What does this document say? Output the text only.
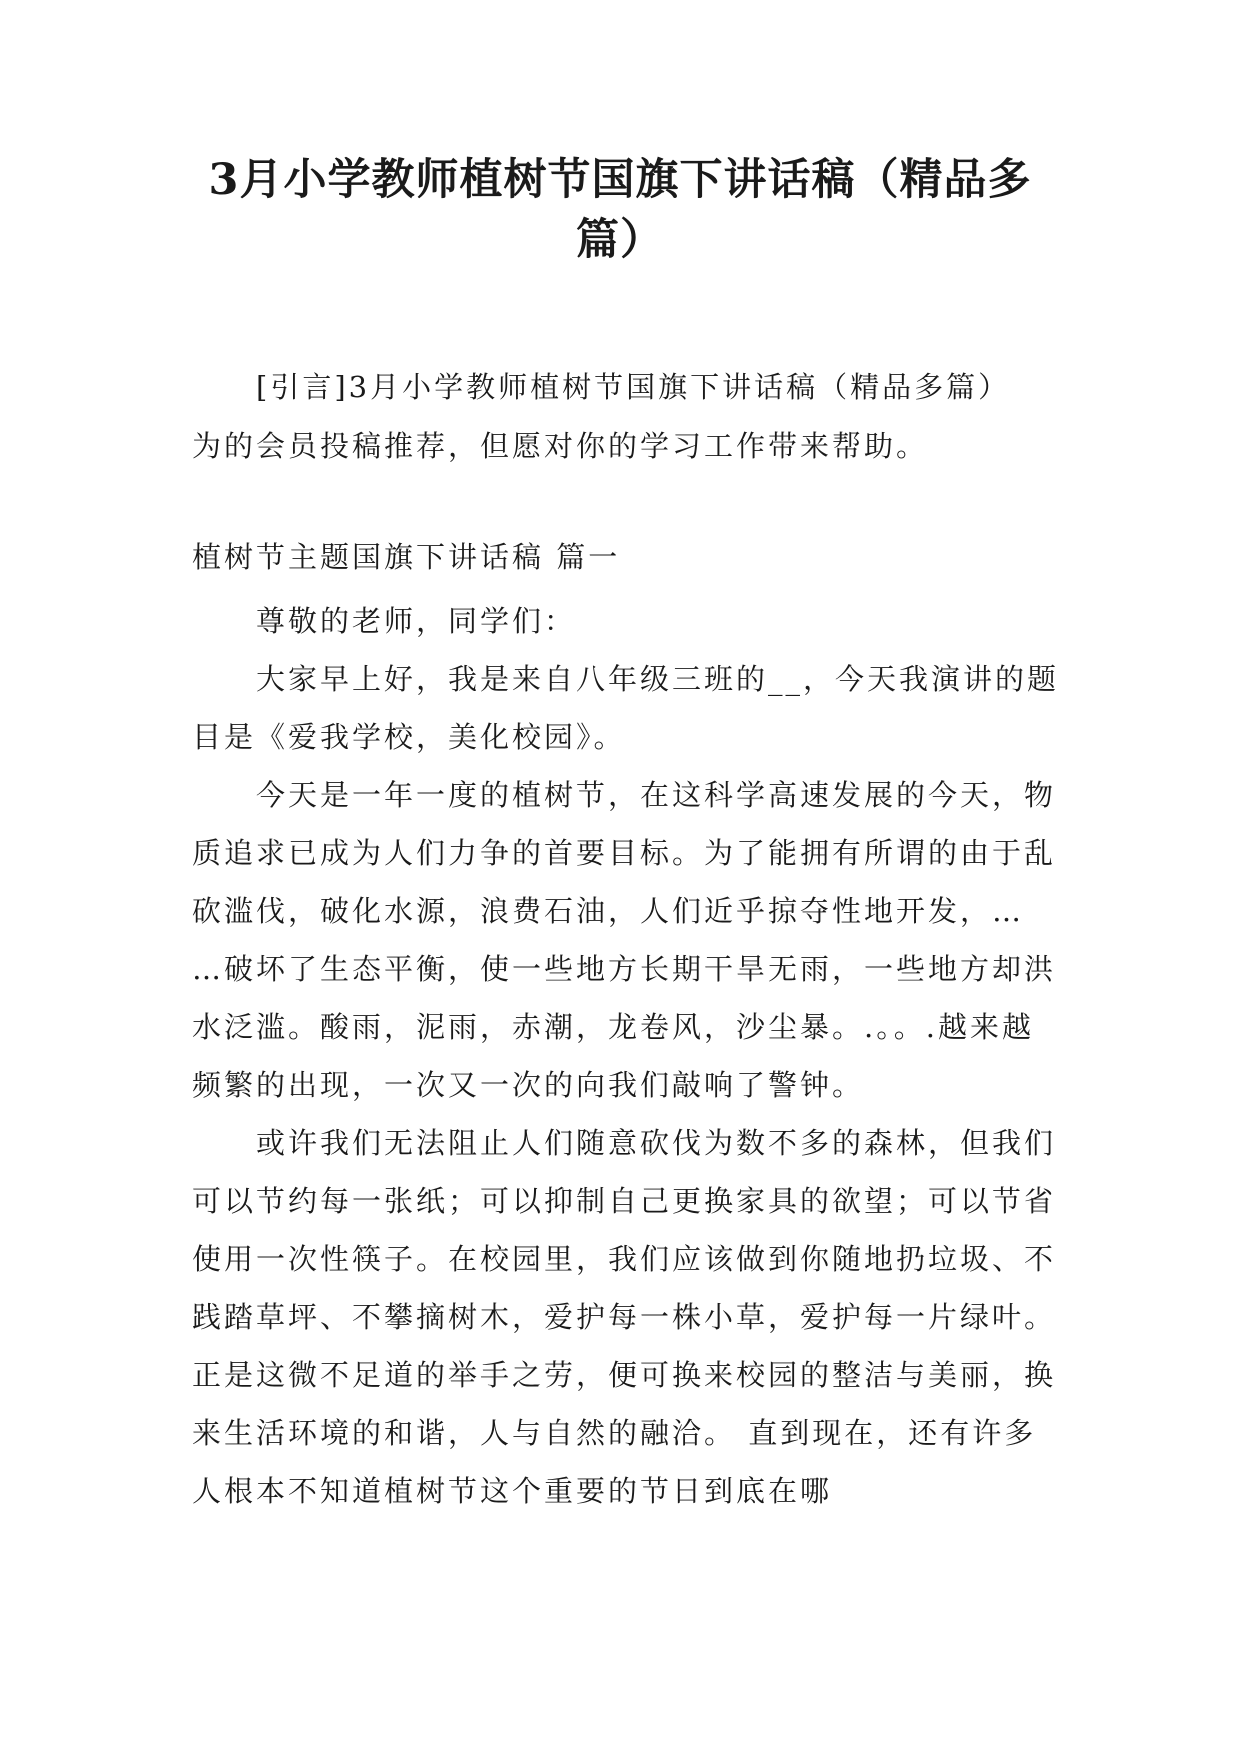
3月小学教师植树节国旗下讲话稿（精品多
篇）
[引言]3月小学教师植树节国旗下讲话稿（精品多篇）
为的会员投稿推荐，但愿对你的学习工作带来帮助。
植树节主题国旗下讲话稿 篇一

尊敬的老师，同学们：

大家早上好，我是来自八年级三班的__，今天我演讲的题目是《爱我学校，美化校园》。

今天是一年一度的植树节，在这科学高速发展的今天，物质追求已成为人们力争的首要目标。为了能拥有所谓的由于乱砍滥伐，破化水源，浪费石油，人们近乎掠夺性地开发，… …破坏了生态平衡，使一些地方长期干旱无雨，一些地方却洪水泛滥。酸雨，泥雨，赤潮，龙卷风，沙尘暴。.。。.越来越频繁的出现，一次又一次的向我们敲响了警钟。

或许我们无法阻止人们随意砍伐为数不多的森林，但我们可以节约每一张纸；可以抑制自己更换家具的欲望；可以节省使用一次性筷子。在校园里，我们应该做到你随地扔垃圾、不践踏草坪、不攀摘树木，爱护每一株小草，爱护每一片绿叶。正是这微不足道的举手之劳，便可换来校园的整洁与美丽，换来生活环境的和谐，人与自然的融洽。 直到现在，还有许多人根本不知道植树节这个重要的节日到底在哪
